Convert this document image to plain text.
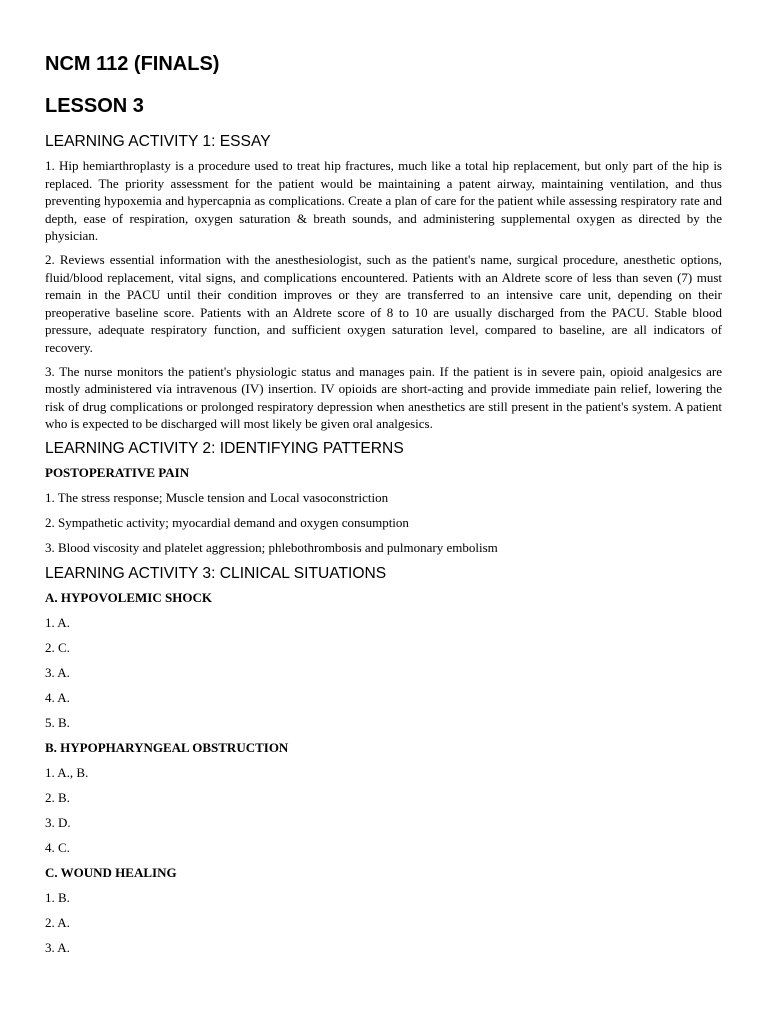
NCM 112 (FINALS)
LESSON 3
LEARNING ACTIVITY 1: ESSAY

1. Hip hemiarthroplasty is a procedure used to treat hip fractures, much like a total hip replacement, but only part of the hip is replaced. The priority assessment for the patient would be maintaining a patent airway, maintaining ventilation, and thus preventing hypoxemia and hypercapnia as complications. Create a plan of care for the patient while assessing respiratory rate and depth, ease of respiration, oxygen saturation & breath sounds, and administering supplemental oxygen as directed by the physician.

2. Reviews essential information with the anesthesiologist, such as the patient's name, surgical procedure, anesthetic options, fluid/blood replacement, vital signs, and complications encountered. Patients with an Aldrete score of less than seven (7) must remain in the PACU until their condition improves or they are transferred to an intensive care unit, depending on their preoperative baseline score. Patients with an Aldrete score of 8 to 10 are usually discharged from the PACU. Stable blood pressure, adequate respiratory function, and sufficient oxygen saturation level, compared to baseline, are all indicators of recovery.

3. The nurse monitors the patient's physiologic status and manages pain. If the patient is in severe pain, opioid analgesics are mostly administered via intravenous (IV) insertion. IV opioids are short-acting and provide immediate pain relief, lowering the risk of drug complications or prolonged respiratory depression when anesthetics are still present in the patient's system. A patient who is expected to be discharged will most likely be given oral analgesics.

LEARNING ACTIVITY 2: IDENTIFYING PATTERNS
POSTOPERATIVE PAIN
1. The stress response; Muscle tension and Local vasoconstriction
2. Sympathetic activity; myocardial demand and oxygen consumption
3. Blood viscosity and platelet aggression; phlebothrombosis and pulmonary embolism
LEARNING ACTIVITY 3: CLINICAL SITUATIONS
A. HYPOVOLEMIC SHOCK
1. A.
2. C.
3. A.
4. A.
5. B.
B. HYPOPHARYNGEAL OBSTRUCTION
1. A., B.
2. B.
3. D.
4. C.
C. WOUND HEALING
1. B.
2. A.
3. A.
